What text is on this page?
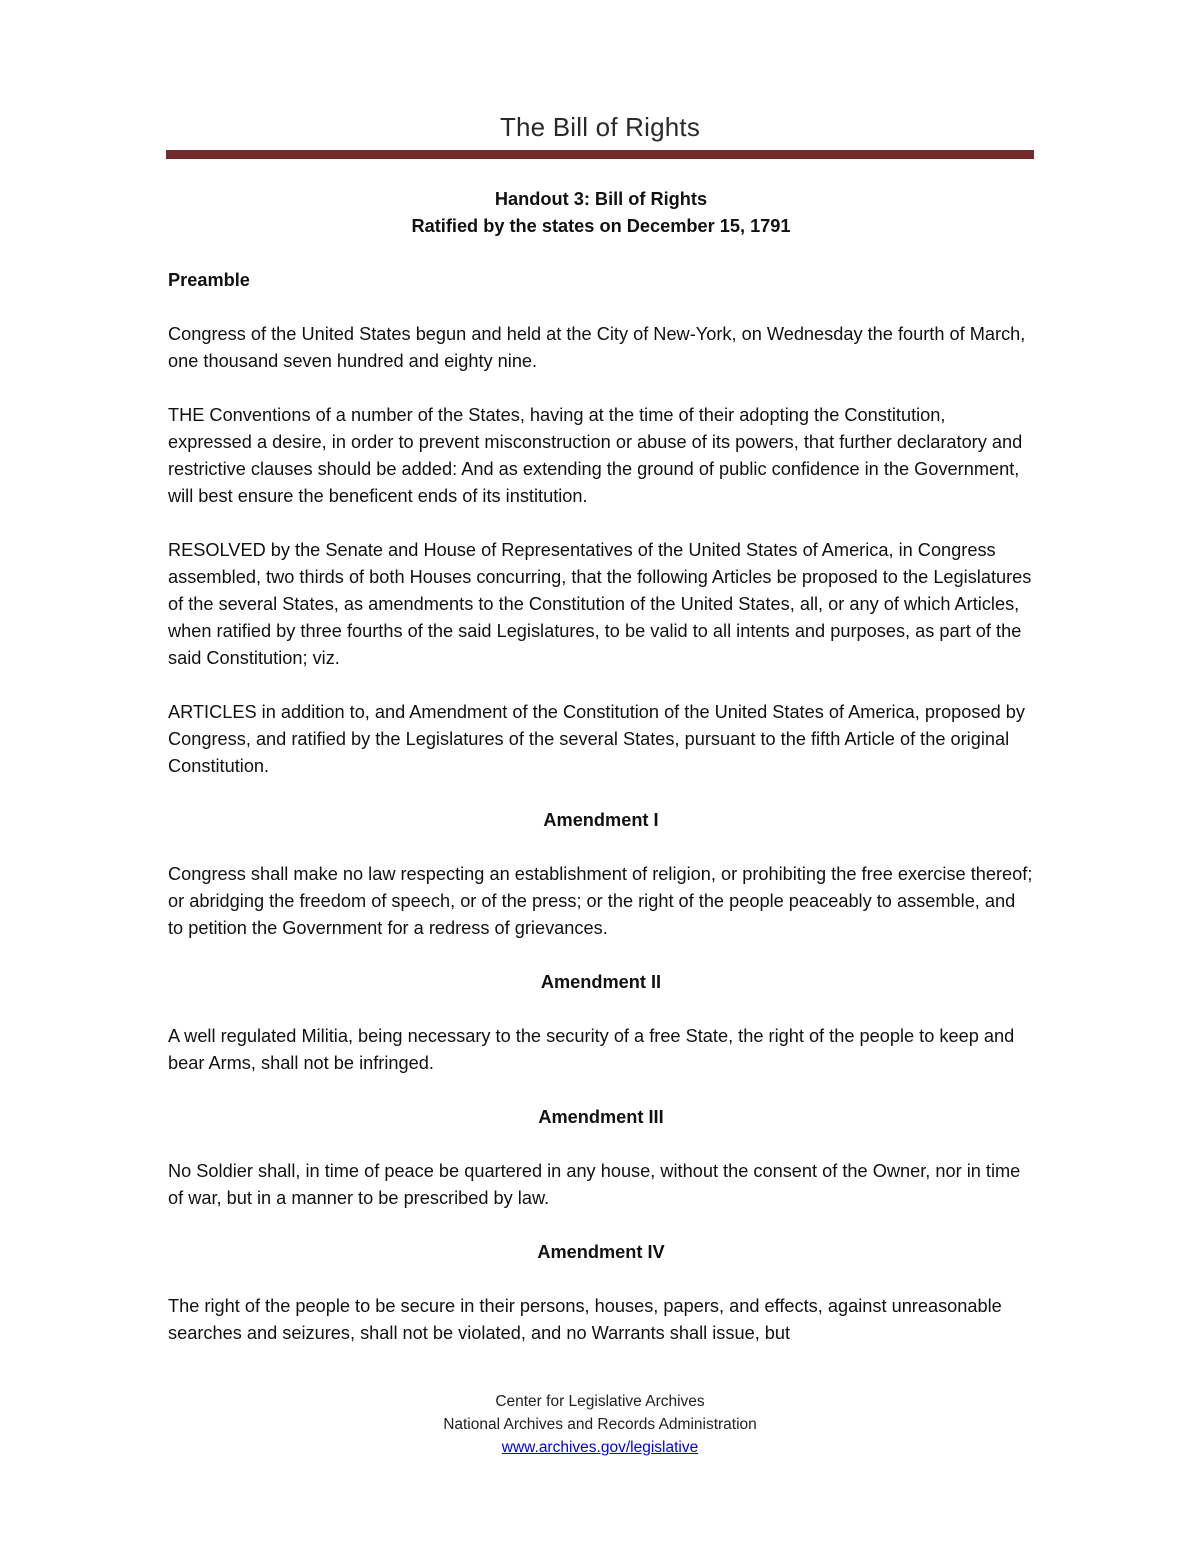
The Bill of Rights

Handout 3: Bill of Rights

Ratified by the states on December 15, 1791

Preamble

Congress of the United States begun and held at the City of New-York, on Wednesday the fourth of March, one thousand seven hundred and eighty nine.

THE Conventions of a number of the States, having at the time of their adopting the Constitution, expressed a desire, in order to prevent misconstruction or abuse of its powers, that further declaratory and restrictive clauses should be added: And as extending the ground of public confidence in the Government, will best ensure the beneficent ends of its institution.

RESOLVED by the Senate and House of Representatives of the United States of America, in Congress assembled, two thirds of both Houses concurring, that the following Articles be proposed to the Legislatures of the several States, as amendments to the Constitution of the United States, all, or any of which Articles, when ratified by three fourths of the said Legislatures, to be valid to all intents and purposes, as part of the said Constitution; viz.

ARTICLES in addition to, and Amendment of the Constitution of the United States of America, proposed by Congress, and ratified by the Legislatures of the several States, pursuant to the fifth Article of the original Constitution.

Amendment I

Congress shall make no law respecting an establishment of religion, or prohibiting the free exercise thereof; or abridging the freedom of speech, or of the press; or the right of the people peaceably to assemble, and to petition the Government for a redress of grievances.

Amendment II

A well regulated Militia, being necessary to the security of a free State, the right of the people to keep and bear Arms, shall not be infringed.

Amendment III

No Soldier shall, in time of peace be quartered in any house, without the consent of the Owner, nor in time of war, but in a manner to be prescribed by law.

Amendment IV

The right of the people to be secure in their persons, houses, papers, and effects, against unreasonable searches and seizures, shall not be violated, and no Warrants shall issue, but

Center for Legislative Archives
National Archives and Records Administration
www.archives.gov/legislative
